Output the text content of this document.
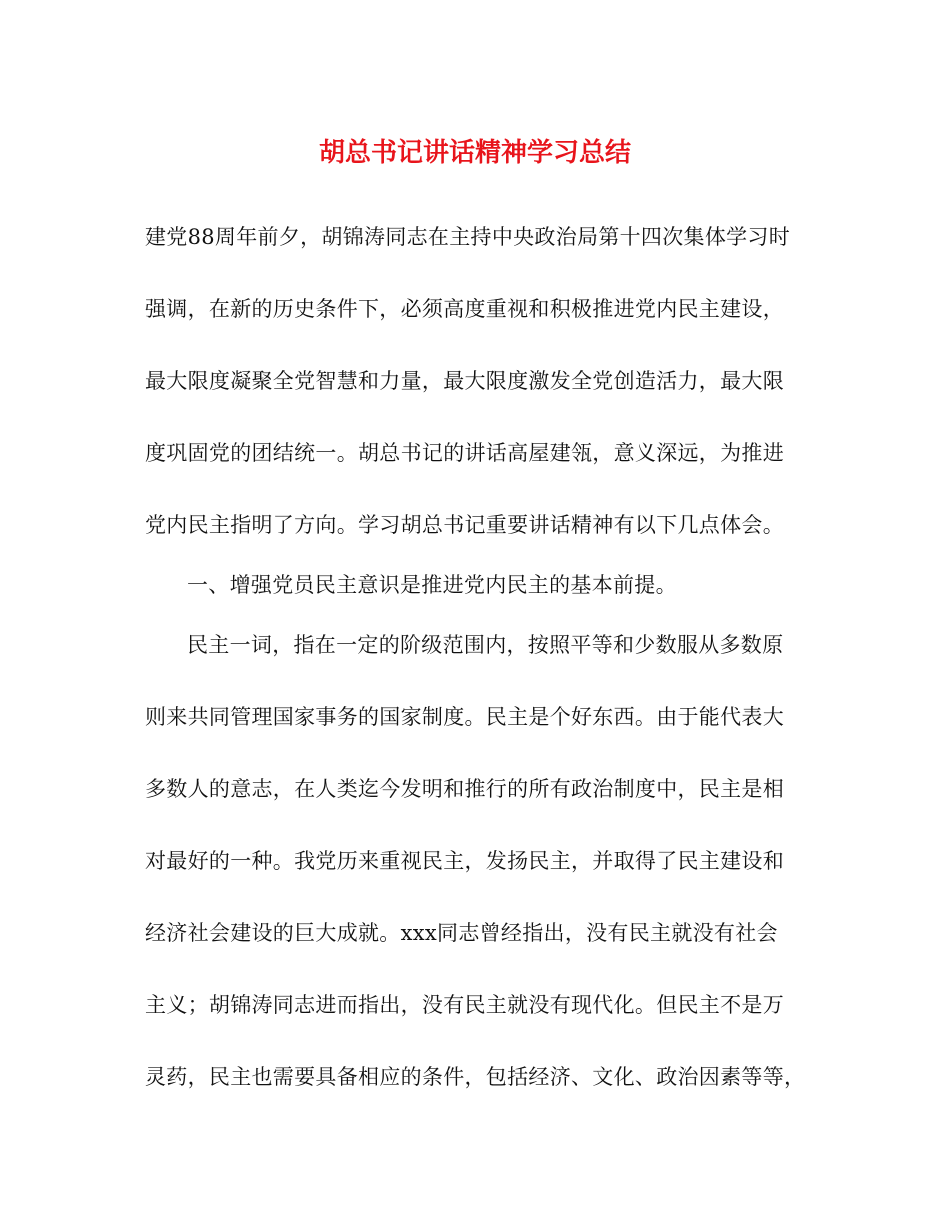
胡总书记讲话精神学习总结
建党88周年前夕，胡锦涛同志在主持中央政治局第十四次集体学习时
强调，在新的历史条件下，必须高度重视和积极推进党内民主建设，
最大限度凝聚全党智慧和力量，最大限度激发全党创造活力，最大限
度巩固党的团结统一。胡总书记的讲话高屋建瓴，意义深远，为推进
党内民主指明了方向。学习胡总书记重要讲话精神有以下几点体会。
一、增强党员民主意识是推进党内民主的基本前提。
民主一词，指在一定的阶级范围内，按照平等和少数服从多数原
则来共同管理国家事务的国家制度。民主是个好东西。由于能代表大
多数人的意志，在人类迄今发明和推行的所有政治制度中，民主是相
对最好的一种。我党历来重视民主，发扬民主，并取得了民主建设和
经济社会建设的巨大成就。xxx同志曾经指出，没有民主就没有社会
主义；胡锦涛同志进而指出，没有民主就没有现代化。但民主不是万
灵药，民主也需要具备相应的条件，包括经济、文化、政治因素等等，
